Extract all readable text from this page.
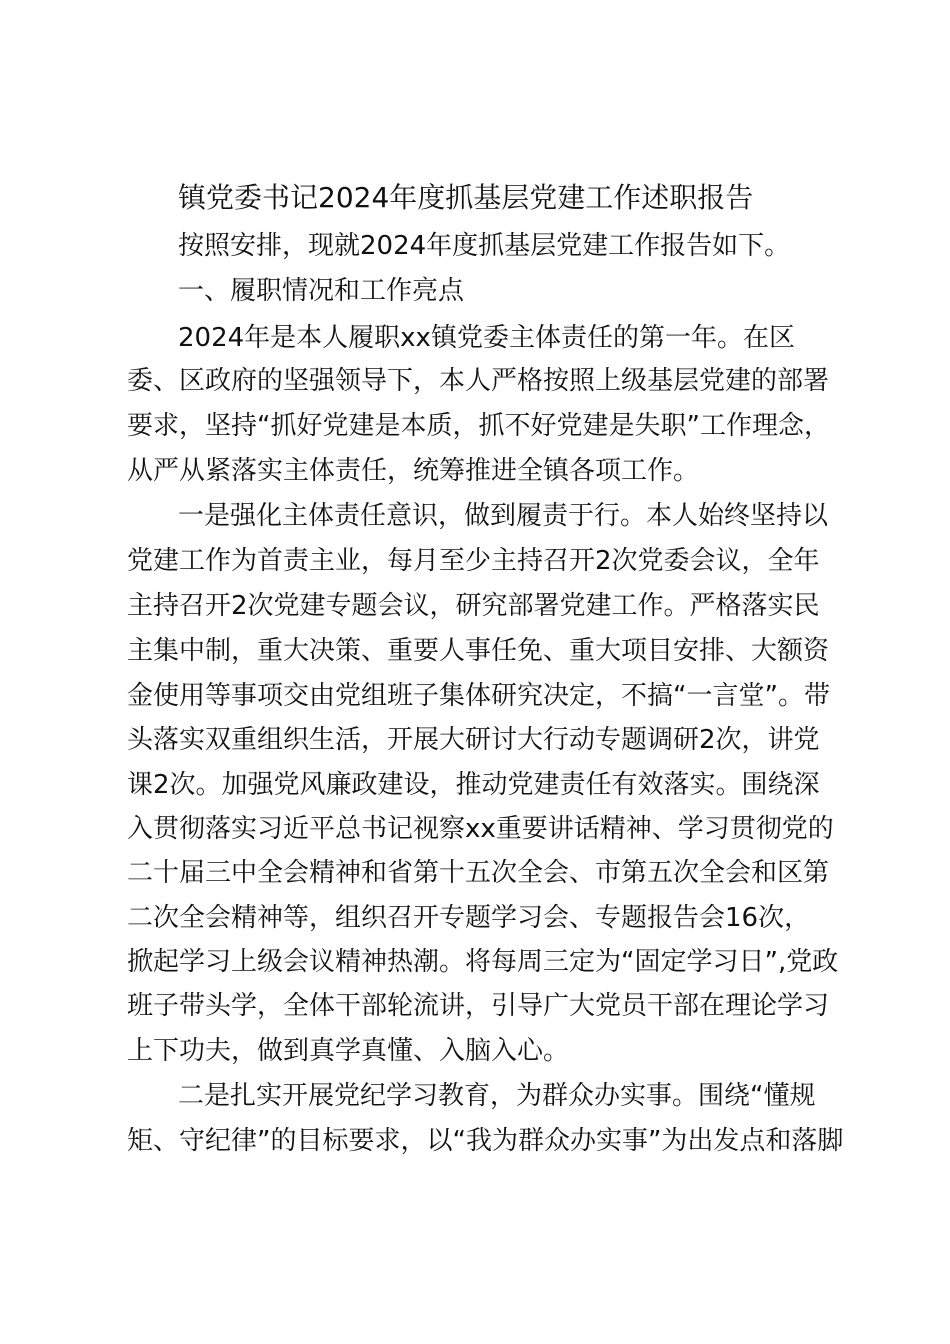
镇党委书记2024年度抓基层党建工作述职报告

按照安排，现就2024年度抓基层党建工作报告如下。

一、履职情况和工作亮点

2024年是本人履职xx镇党委主体责任的第一年。在区

委、区政府的坚强领导下，本人严格按照上级基层党建的部署

要求，坚持“抓好党建是本质，抓不好党建是失职”工作理念，

从严从紧落实主体责任，统筹推进全镇各项工作。

一是强化主体责任意识，做到履责于行。本人始终坚持以

党建工作为首责主业，每月至少主持召开2次党委会议，全年

主持召开2次党建专题会议，研究部署党建工作。严格落实民

主集中制，重大决策、重要人事任免、重大项目安排、大额资

金使用等事项交由党组班子集体研究决定，不搞“一言堂”。带

头落实双重组织生活，开展大研讨大行动专题调研2次，讲党

课2次。加强党风廉政建设，推动党建责任有效落实。围绕深

入贯彻落实习近平总书记视察xx重要讲话精神、学习贯彻党的

二十届三中全会精神和省第十五次全会、市第五次全会和区第

二次全会精神等，组织召开专题学习会、专题报告会16次，

掀起学习上级会议精神热潮。将每周三定为“固定学习日”,党政

班子带头学，全体干部轮流讲，引导广大党员干部在理论学习

上下功夫，做到真学真懂、入脑入心。

二是扎实开展党纪学习教育，为群众办实事。围绕“懂规

矩、守纪律”的目标要求，以“我为群众办实事”为出发点和落脚
